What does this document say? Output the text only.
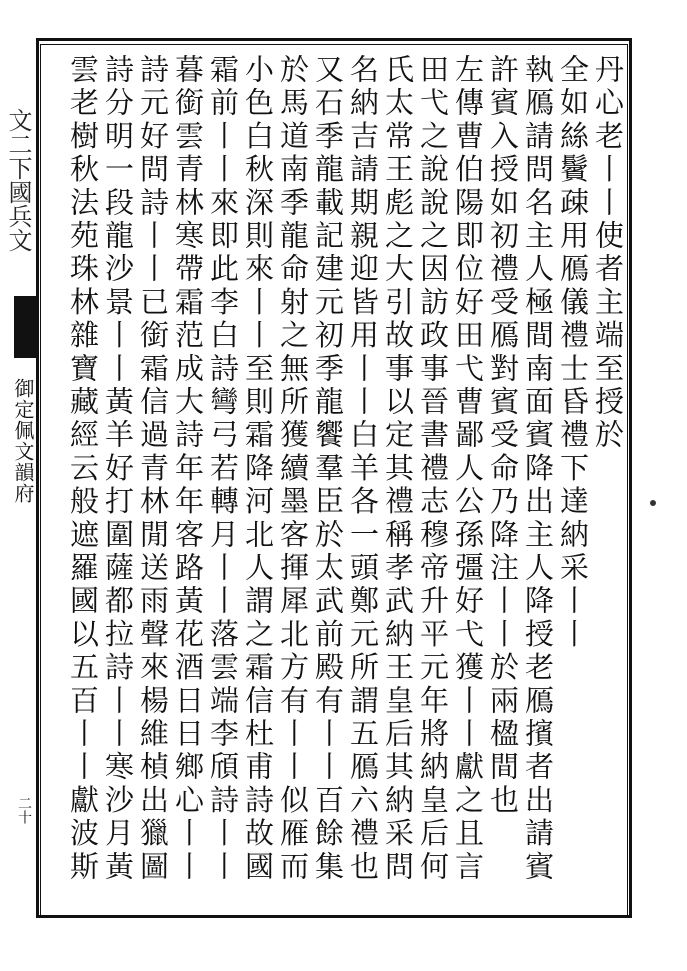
文二下國兵文
御定佩文韻府
二十
丹心老丨丨使者主端至授於
全如絲鬢疎用鴈儀禮士昏禮下達納采丨丨
執鴈請問名主人極間南面賓降出主人降授老鴈擯者出請賓
許賓入授如初禮受鴈對賓受命乃降注丨丨於兩楹間也
左傳曹伯陽即位好田弋曹鄙人公孫彊好弋獲丨丨獻之且言
田弋之說說之因訪政事晉書禮志穆帝升平元年將納皇后何
氏太常王彪之大引故事以定其禮稱孝武納王皇后其納采問
名納吉請期親迎皆用丨丨白羊各一頭鄭元所謂五鴈六禮也
又石季龍載記建元初季龍饗羣臣於太武前殿有丨丨百餘集
於馬道南季龍命射之無所獲續墨客揮犀北方有丨丨似雁而
小色白秋深則來丨丨至則霜降河北人謂之霜信杜甫詩故國
霜前丨丨來即此李白詩彎弓若轉月丨丨落雲端李頎詩丨丨
暮銜雲青林寒帶霜范成大詩年年客路黃花酒日日鄉心丨丨
詩元好問詩丨丨已銜霜信過青林閒送雨聲來楊維楨出獵圖
詩分明一段龍沙景丨丨黃羊好打圍薩都拉詩丨丨寒沙月黃
雲老樹秋法苑珠林雜寶藏經云般遮羅國以五百丨丨獻波斯
